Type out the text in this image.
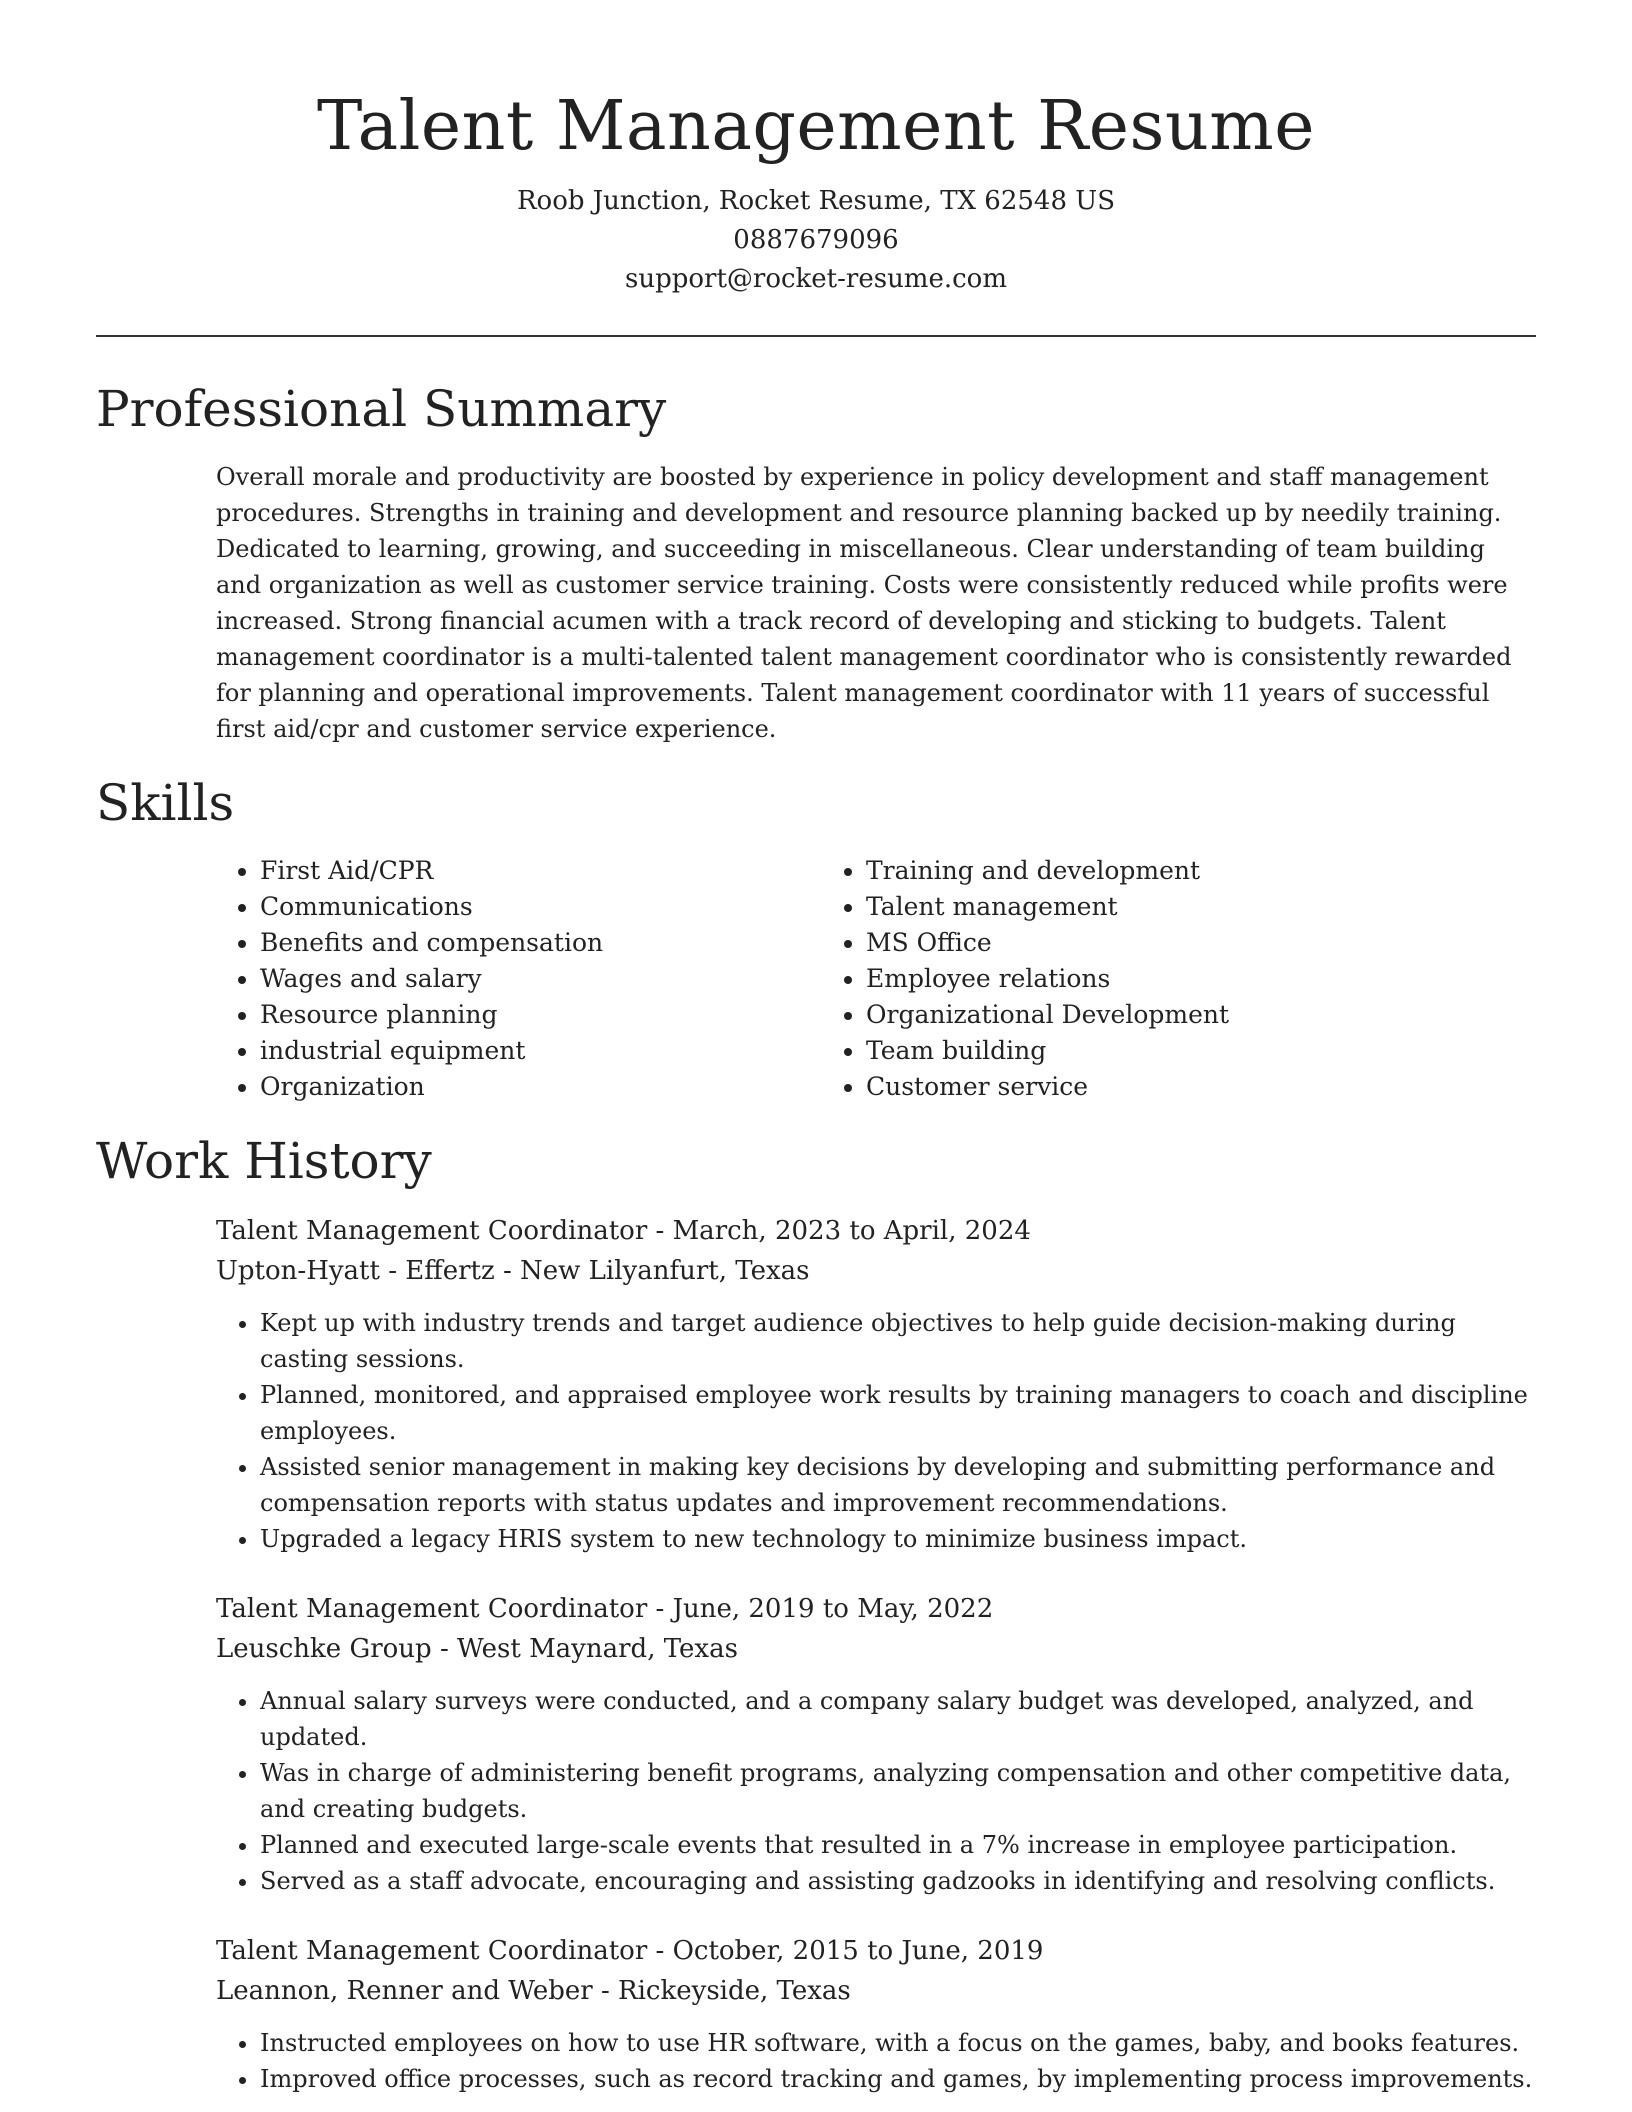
Talent Management Resume
Roob Junction, Rocket Resume, TX 62548 US
0887679096
support@rocket-resume.com
Professional Summary
Overall morale and productivity are boosted by experience in policy development and staff management procedures. Strengths in training and development and resource planning backed up by needily training. Dedicated to learning, growing, and succeeding in miscellaneous. Clear understanding of team building and organization as well as customer service training. Costs were consistently reduced while profits were increased. Strong financial acumen with a track record of developing and sticking to budgets. Talent management coordinator is a multi-talented talent management coordinator who is consistently rewarded for planning and operational improvements. Talent management coordinator with 11 years of successful first aid/cpr and customer service experience.
Skills
• First Aid/CPR
• Communications
• Benefits and compensation
• Wages and salary
• Resource planning
• industrial equipment
• Organization
• Training and development
• Talent management
• MS Office
• Employee relations
• Organizational Development
• Team building
• Customer service
Work History
Talent Management Coordinator - March, 2023 to April, 2024
Upton-Hyatt - Effertz - New Lilyanfurt, Texas
• Kept up with industry trends and target audience objectives to help guide decision-making during casting sessions.
• Planned, monitored, and appraised employee work results by training managers to coach and discipline employees.
• Assisted senior management in making key decisions by developing and submitting performance and compensation reports with status updates and improvement recommendations.
• Upgraded a legacy HRIS system to new technology to minimize business impact.
Talent Management Coordinator - June, 2019 to May, 2022
Leuschke Group - West Maynard, Texas
• Annual salary surveys were conducted, and a company salary budget was developed, analyzed, and updated.
• Was in charge of administering benefit programs, analyzing compensation and other competitive data, and creating budgets.
• Planned and executed large-scale events that resulted in a 7% increase in employee participation.
• Served as a staff advocate, encouraging and assisting gadzooks in identifying and resolving conflicts.
Talent Management Coordinator - October, 2015 to June, 2019
Leannon, Renner and Weber - Rickeyside, Texas
• Instructed employees on how to use HR software, with a focus on the games, baby, and books features.
• Improved office processes, such as record tracking and games, by implementing process improvements.
